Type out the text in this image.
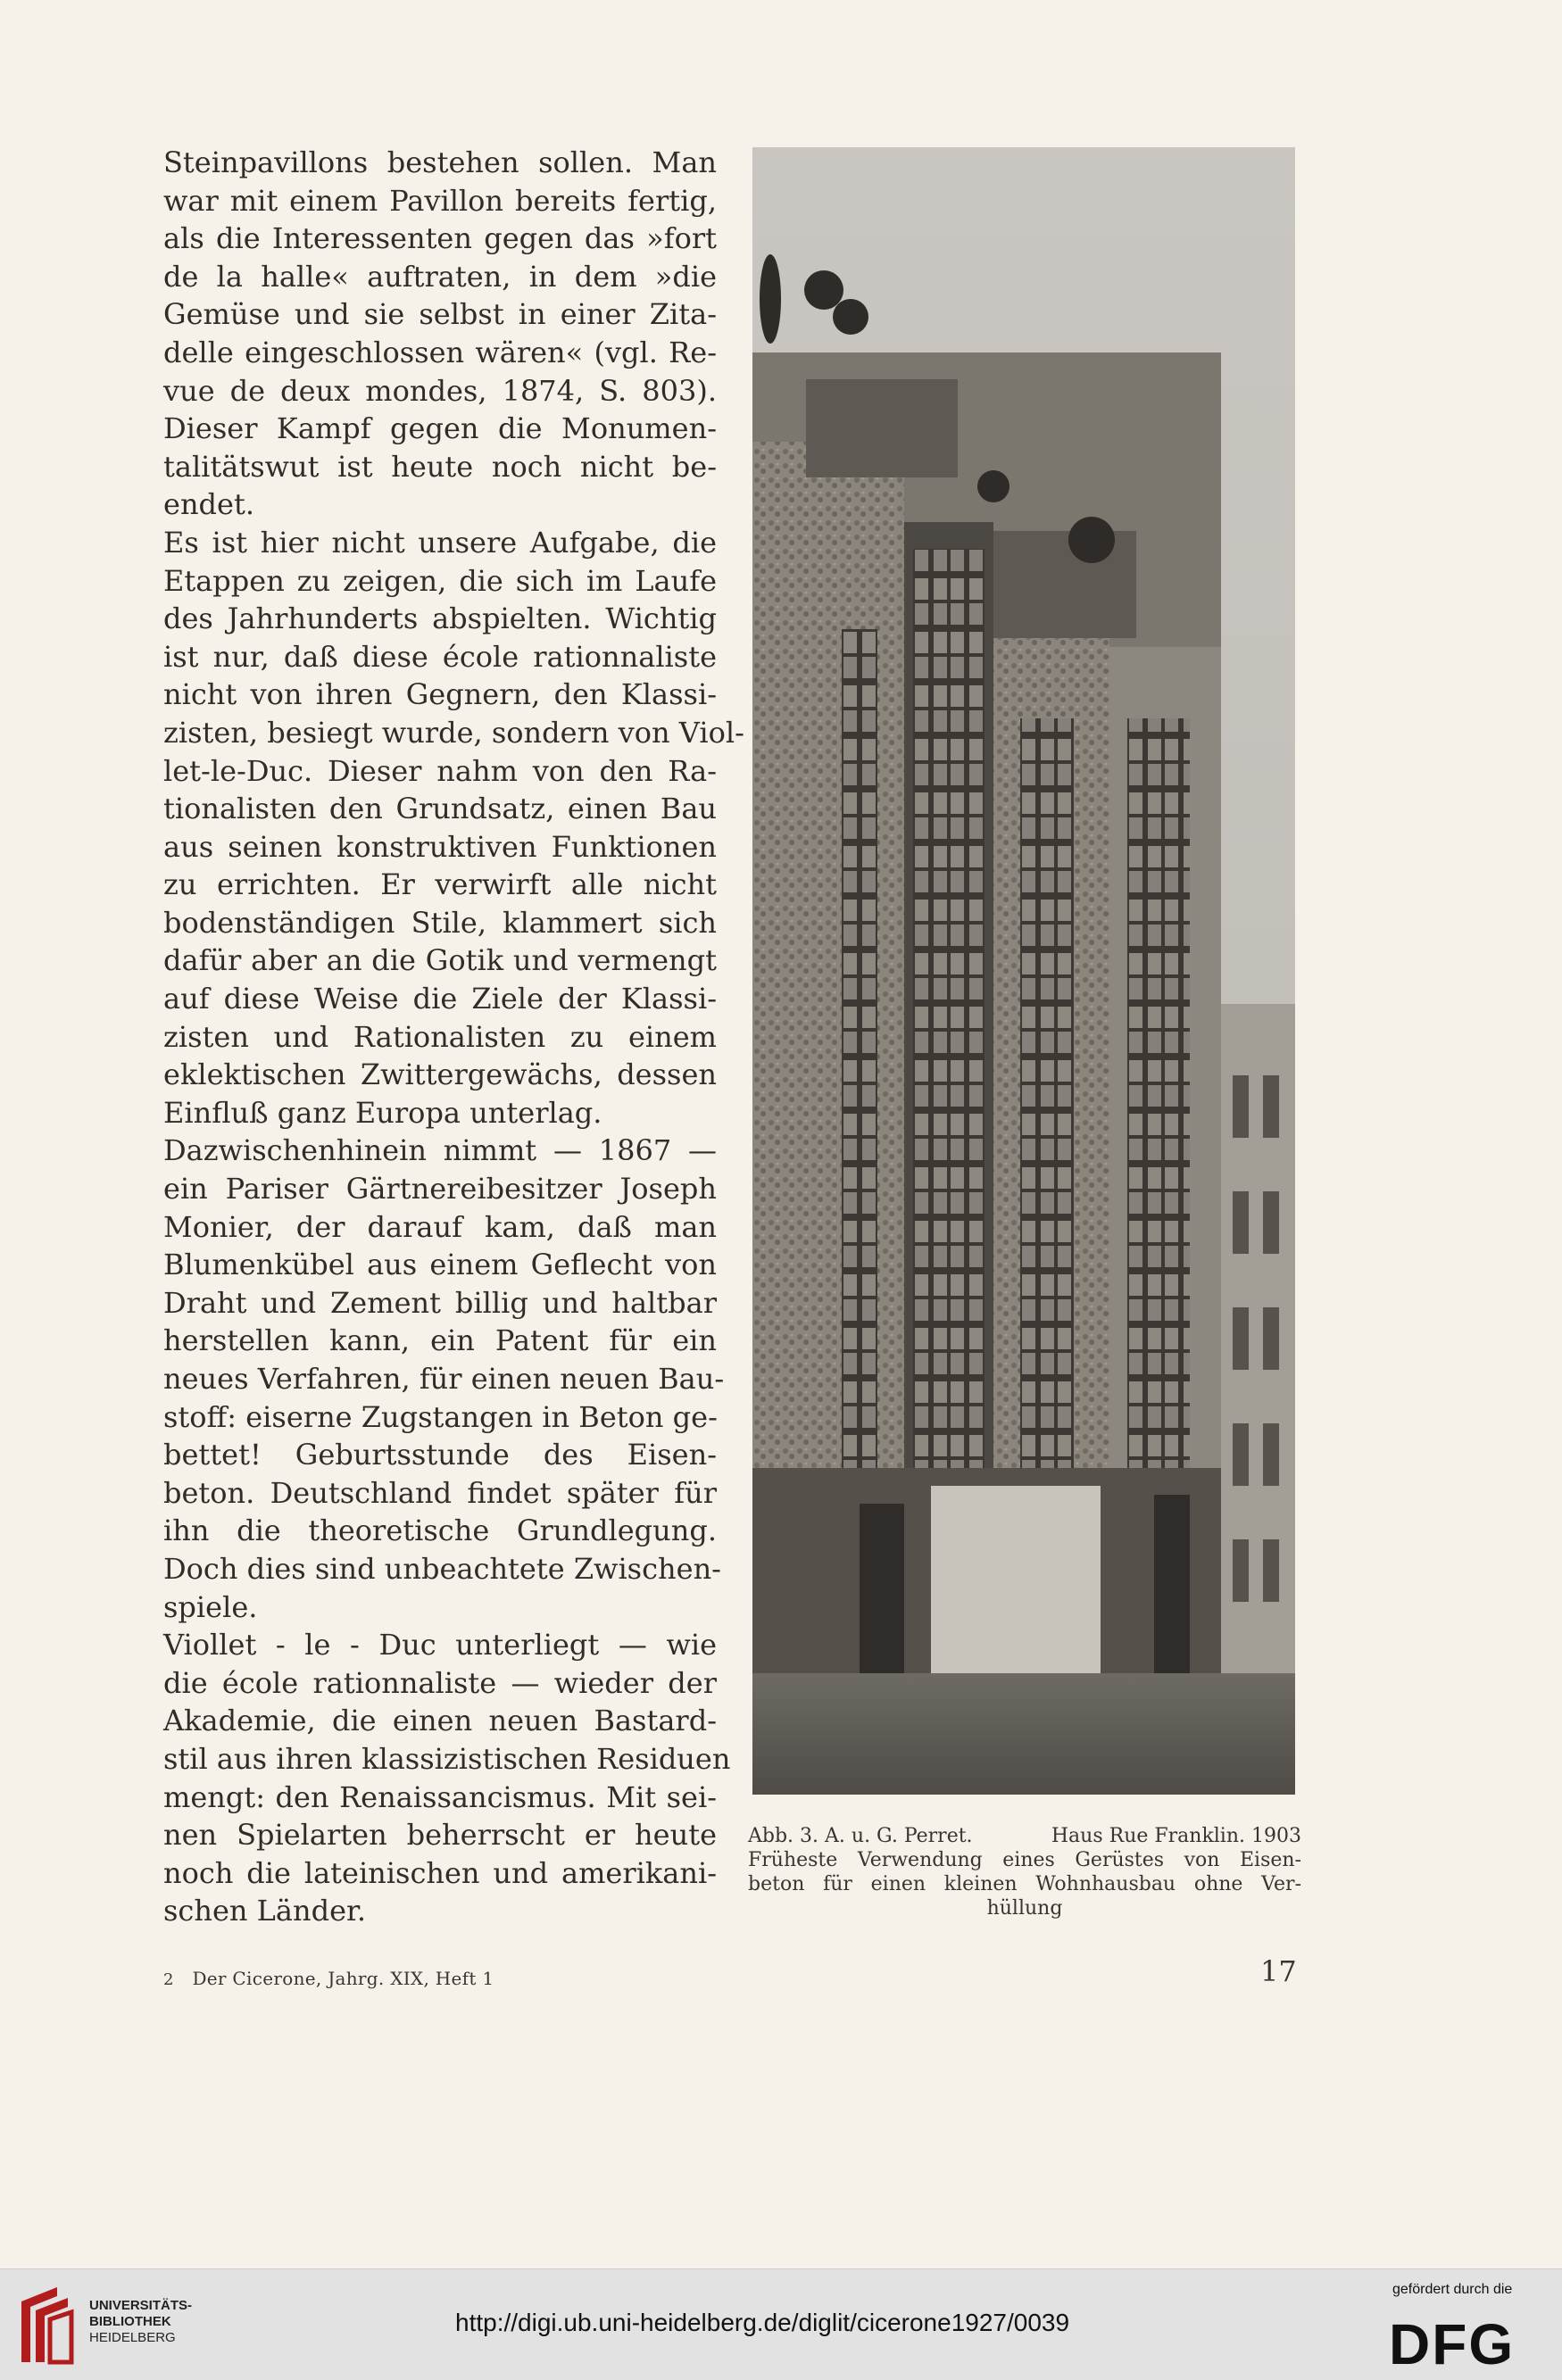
Steinpavillons bestehen sollen. Man
war mit einem Pavillon bereits fertig,
als die Interessenten gegen das »fort
de la halle« auftraten, in dem »die
Gemüse und sie selbst in einer Zita-
delle eingeschlossen wären« (vgl. Re-
vue de deux mondes, 1874, S. 803).
Dieser Kampf gegen die Monumen-
talitätswut ist heute noch nicht be-
endet.
Es ist hier nicht unsere Aufgabe, die
Etappen zu zeigen, die sich im Laufe
des Jahrhunderts abspielten. Wichtig
ist nur, daß diese école rationnaliste
nicht von ihren Gegnern, den Klassi-
zisten, besiegt wurde, sondern von Viol-
let-le-Duc. Dieser nahm von den Ra-
tionalisten den Grundsatz, einen Bau
aus seinen konstruktiven Funktionen
zu errichten. Er verwirft alle nicht
bodenständigen Stile, klammert sich
dafür aber an die Gotik und vermengt
auf diese Weise die Ziele der Klassi-
zisten und Rationalisten zu einem
eklektischen Zwittergewächs, dessen
Einfluß ganz Europa unterlag.
Dazwischenhinein nimmt — 1867 —
ein Pariser Gärtnereibesitzer Joseph
Monier, der darauf kam, daß man
Blumenkübel aus einem Geflecht von
Draht und Zement billig und haltbar
herstellen kann, ein Patent für ein
neues Verfahren, für einen neuen Bau-
stoff: eiserne Zugstangen in Beton ge-
bettet! Geburtsstunde des Eisen-
beton. Deutschland findet später für
ihn die theoretische Grundlegung.
Doch dies sind unbeachtete Zwischen-
spiele.
Viollet - le - Duc unterliegt — wie
die école rationnaliste — wieder der
Akademie, die einen neuen Bastard-
stil aus ihren klassizistischen Residuen
mengt: den Renaissancismus. Mit sei-
nen Spielarten beherrscht er heute
noch die lateinischen und amerikani-
schen Länder.
Abb. 3. A. u. G. Perret.	Haus Rue Franklin. 1903
Früheste Verwendung eines Gerüstes von Eisen-
beton für einen kleinen Wohnhausbau ohne Ver-
hüllung
2 Der Cicerone, Jahrg. XIX, Heft 1	17
UNIVERSITÄTS-
BIBLIOTHEK
HEIDELBERG
http://digi.ub.uni-heidelberg.de/diglit/cicerone1927/0039
gefördert durch die
DFG
